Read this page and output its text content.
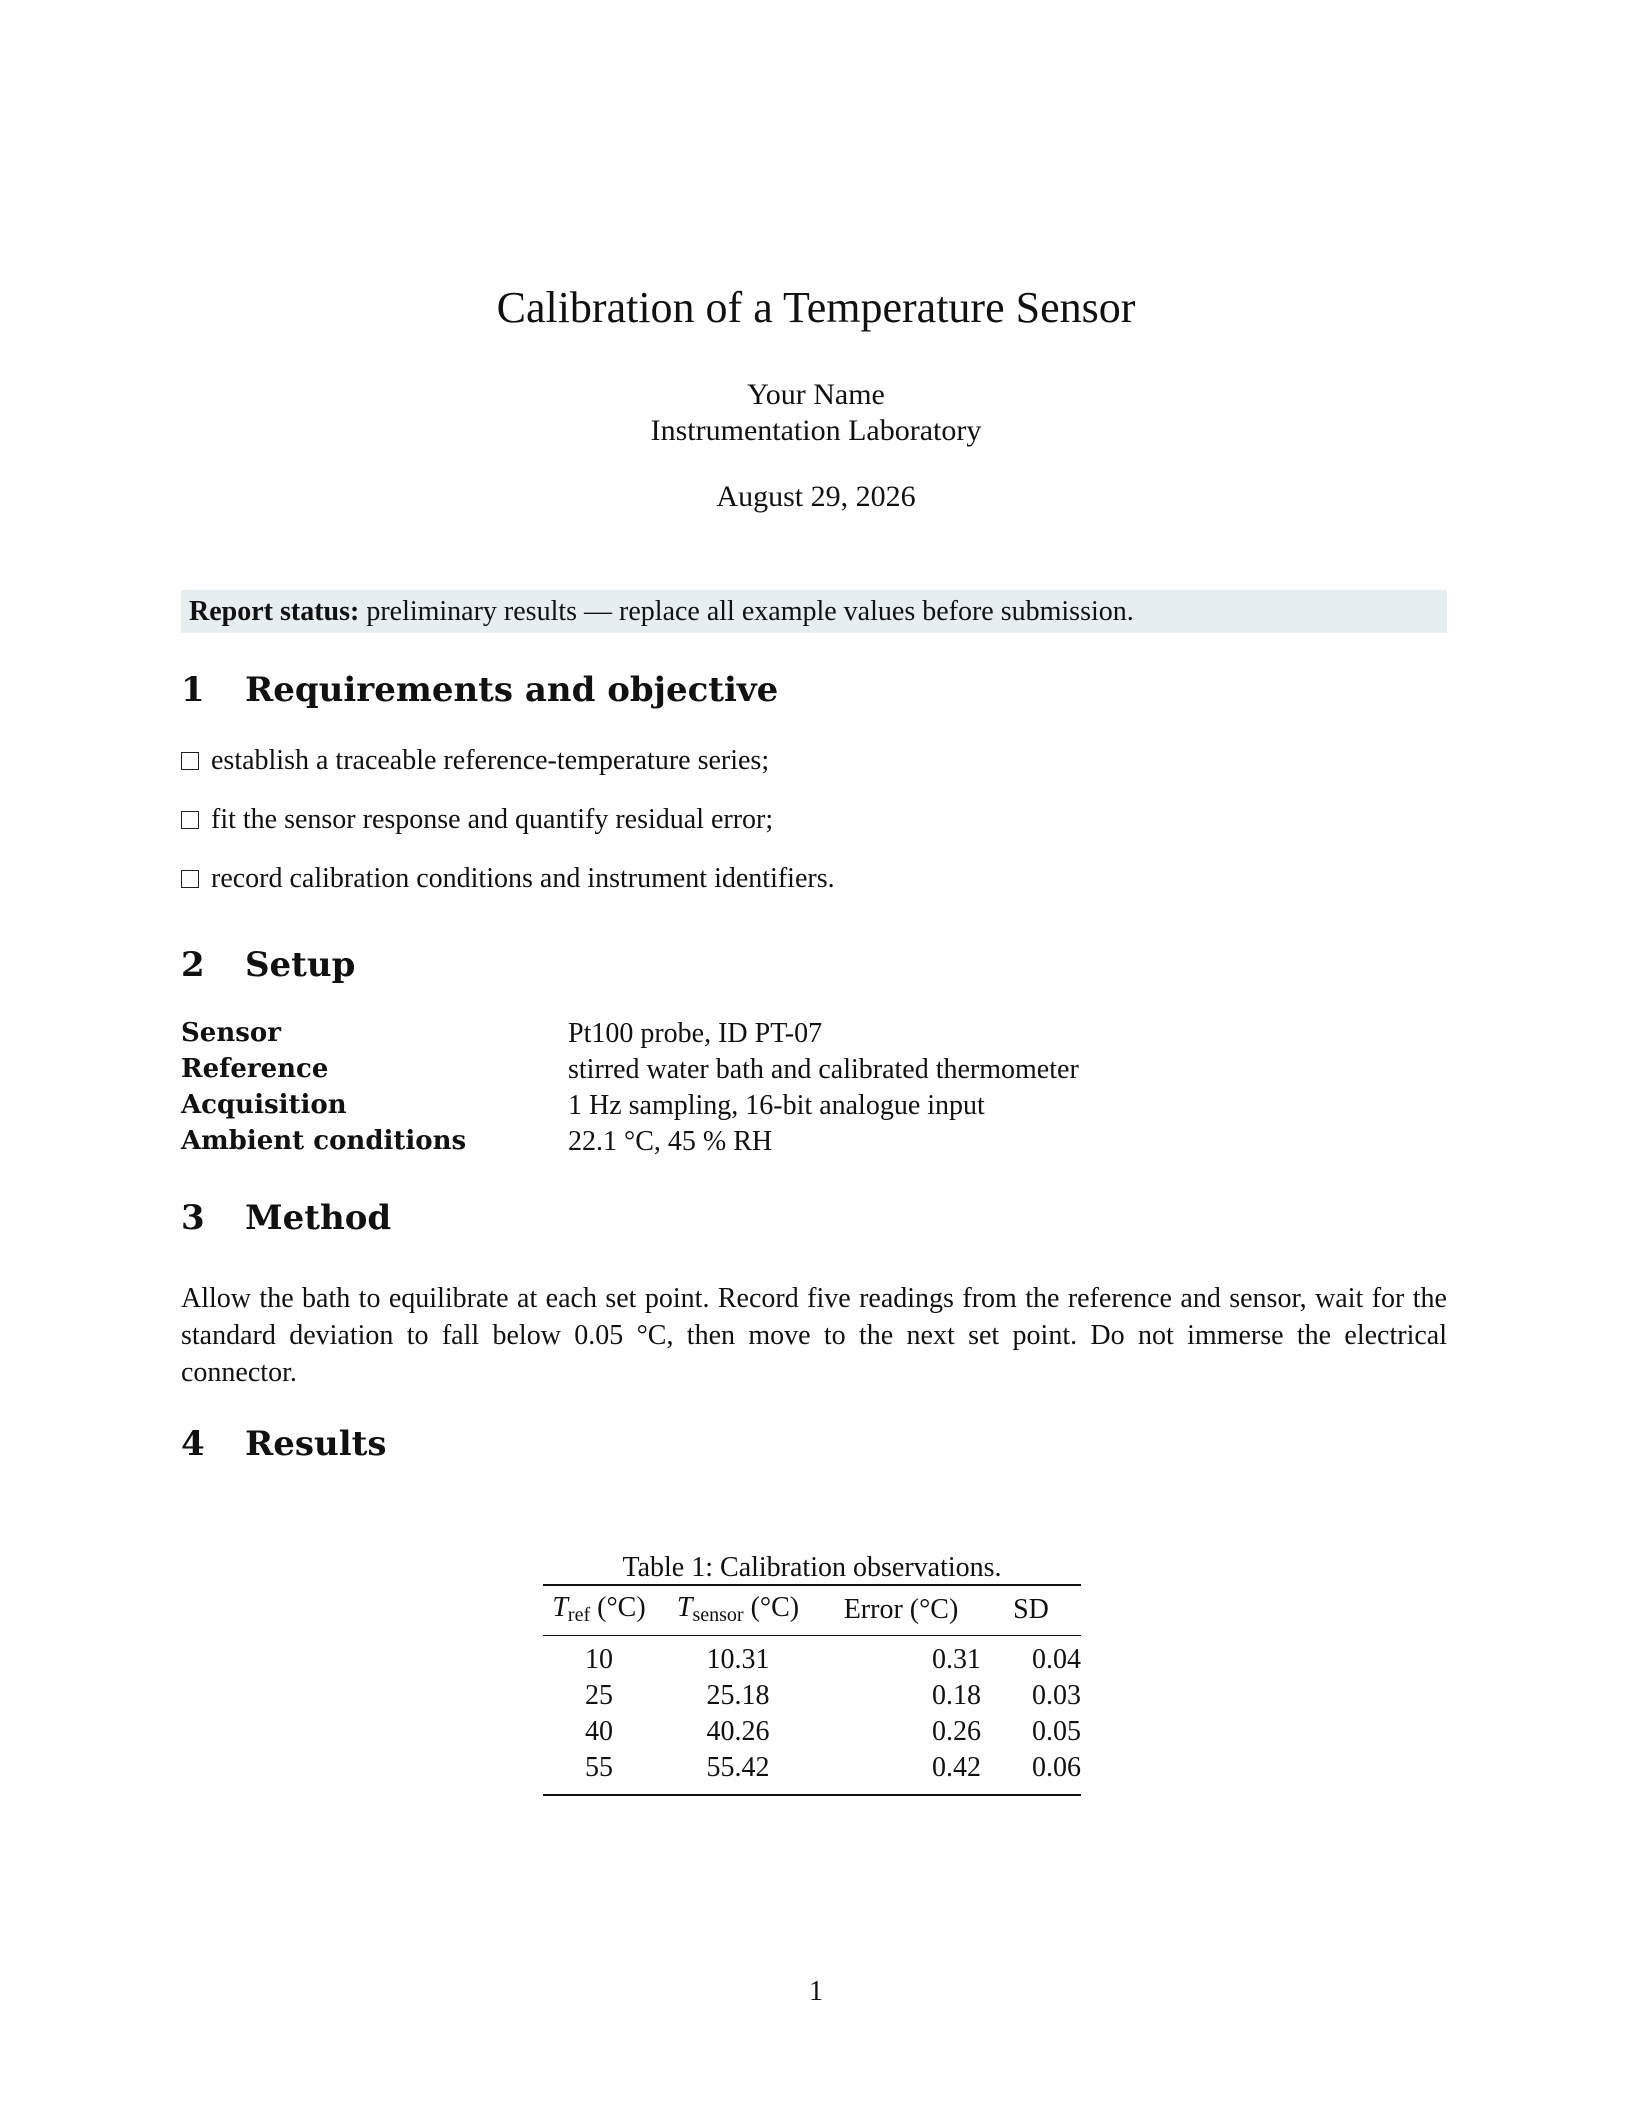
Calibration of a Temperature Sensor
Your Name
Instrumentation Laboratory
August 29, 2026
Report status: preliminary results — replace all example values before submission.
1 Requirements and objective
establish a traceable reference-temperature series;
fit the sensor response and quantify residual error;
record calibration conditions and instrument identifiers.
2 Setup
Sensor	Pt100 probe, ID PT-07
Reference	stirred water bath and calibrated thermometer
Acquisition	1 Hz sampling, 16-bit analogue input
Ambient conditions	22.1 °C, 45 % RH
3 Method
Allow the bath to equilibrate at each set point. Record five readings from the reference and sensor, wait for the standard deviation to fall below 0.05 °C, then move to the next set point. Do not immerse the electrical connector.
4 Results
Table 1: Calibration observations.
$T_{ref}$ (°C)	$T_{sensor}$ (°C)	Error (°C)	SD
10	10.31	0.31	0.04
25	25.18	0.18	0.03
40	40.26	0.26	0.05
55	55.42	0.42	0.06
1
